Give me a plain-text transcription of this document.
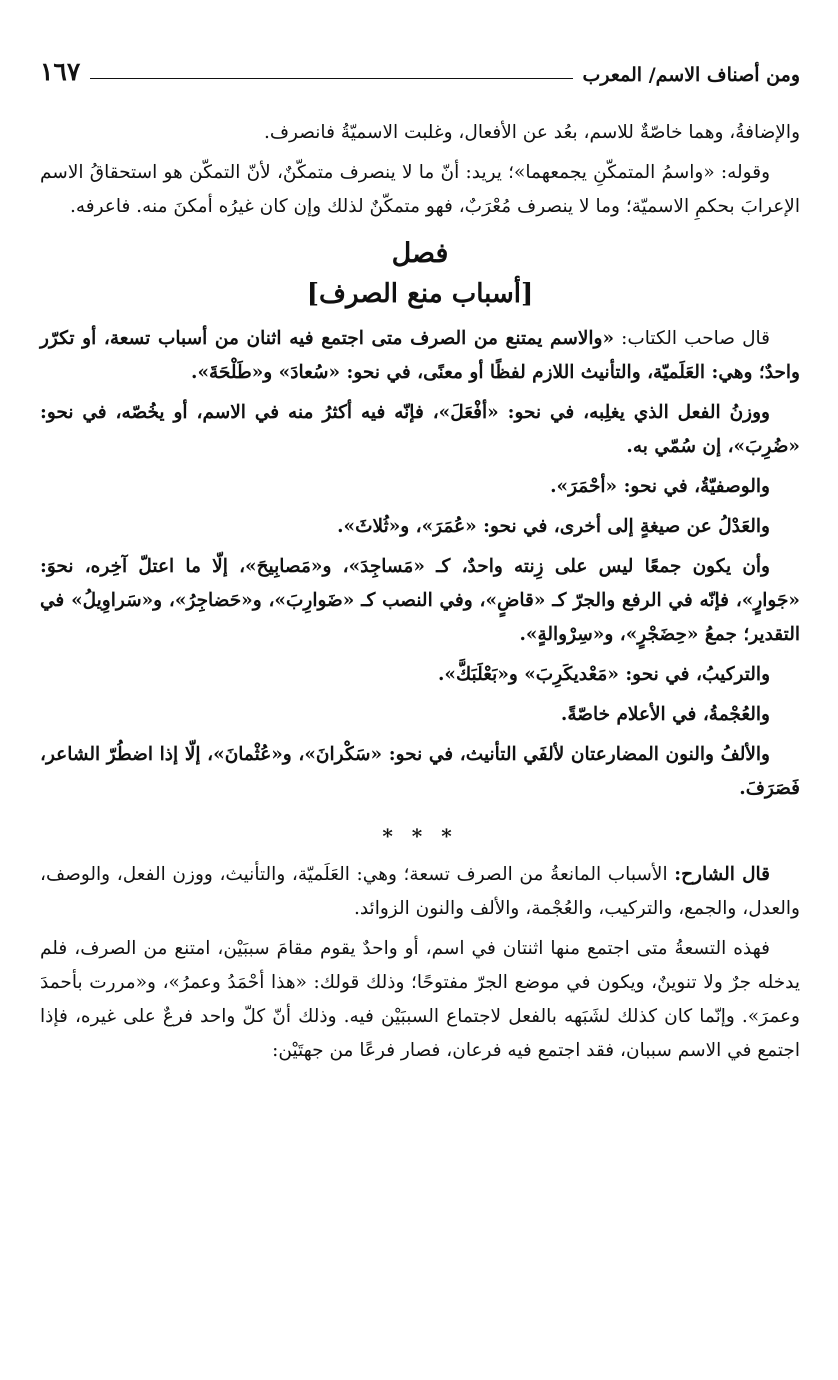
ومن أصناف الاسم/ المعرب
١٦٧

والإضافةُ، وهما خاصّةٌ للاسم، بعُد عن الأفعال، وغلبت الاسميّةُ فانصرف.

وقوله: «واسمُ المتمكّنِ يجمعهما»؛ يريد: أنّ ما لا ينصرف متمكّنٌ، لأنّ التمكّن هو استحقاقُ الاسم الإعرابَ بحكمِ الاسميّة؛ وما لا ينصرف مُعْرَبٌ، فهو متمكّنٌ لذلك وإن كان غيرُه أمكنَ منه. فاعرفه.

فصل
[أسباب منع الصرف]

قال صاحب الكتاب: «والاسم يمتنع من الصرف متى اجتمع فيه اثنان من أسباب تسعة، أو تكرّر واحدٌ؛ وهي: العَلَميّة، والتأنيث اللازم لفظًا أو معنًى، في نحو: «سُعادَ» و«طَلْحَةَ».

ووزنُ الفعل الذي يغلِبه، في نحو: «أفْعَلَ»، فإنّه فيه أكثرُ منه في الاسم، أو يخُصّه، في نحو: «ضُرِبَ»، إن سُمّي به.

والوصفيّةُ، في نحو: «أحْمَرَ».

والعَدْلُ عن صيغةٍ إلى أخرى، في نحو: «عُمَرَ»، و«ثُلاثَ».

وأن يكون جمعًا ليس على زِنته واحدٌ، كـ «مَساجِدَ»، و«مَصابِيحَ»، إلّا ما اعتلّ آخِره، نحوَ: «جَوارٍ»، فإنّه في الرفع والجرّ كـ «قاضٍ»، وفي النصب كـ «ضَوارِبَ»، و«حَضاجِرُ»، و«سَراوِيلُ» في التقدير؛ جمعُ «حِضَجْرٍ»، و«سِرْوالةٍ».

والتركيبُ، في نحو: «مَعْديكَرِبَ» و«بَعْلَبَكَّ».

والعُجْمةُ، في الأعلام خاصّةً.

والألفُ والنون المضارعتان لألفَي التأنيث، في نحو: «سَكْرانَ»، و«عُثْمانَ»، إلّا إذا اضطُرّ الشاعر، فَصَرَفَ.

* * *

قال الشارح: الأسباب المانعةُ من الصرف تسعة؛ وهي: العَلَميّة، والتأنيث، ووزن الفعل، والوصف، والعدل، والجمع، والتركيب، والعُجْمة، والألف والنون الزوائد.

فهذه التسعةُ متى اجتمع منها اثنتان في اسم، أو واحدٌ يقوم مقامَ سببَيْن، امتنع من الصرف، فلم يدخله جرٌ ولا تنوينٌ، ويكون في موضع الجرّ مفتوحًا؛ وذلك قولك: «هذا أحْمَدُ وعمرُ»، و«مررت بأحمدَ وعمرَ». وإنّما كان كذلك لشَبَهه بالفعل لاجتماع السببَيْن فيه. وذلك أنّ كلّ واحد فرعٌ على غيره، فإذا اجتمع في الاسم سببان، فقد اجتمع فيه فرعان، فصار فرعًا من جهتَيْن:
